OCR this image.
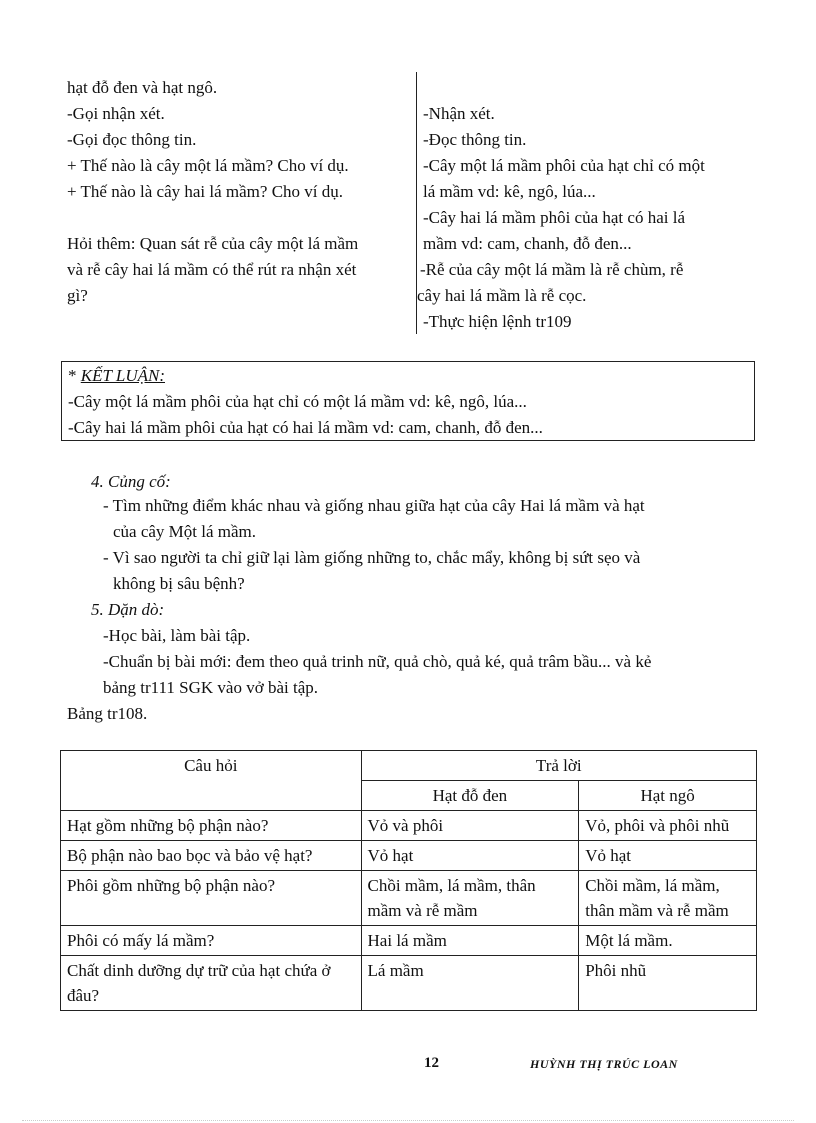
hạt đỗ đen và hạt ngô.
-Gọi nhận xét.
-Gọi đọc thông tin.
+ Thế nào là cây một lá mầm? Cho ví dụ.
+ Thế nào là cây hai lá mầm? Cho ví dụ.
Hỏi thêm: Quan sát rễ của cây một lá mầm
và rễ cây hai lá mầm có thể rút ra nhận xét
gì?
-Nhận xét.
-Đọc thông tin.
-Cây một lá mầm phôi của hạt chỉ có một
lá mầm vd: kê, ngô, lúa...
-Cây hai lá mầm phôi của hạt có hai lá
mầm vd: cam, chanh, đỗ đen...
-Rễ của cây một lá mầm là rễ chùm, rễ
cây hai lá mầm là rễ cọc.
-Thực hiện lệnh tr109
* KẾT LUẬN:
-Cây một lá mầm phôi của hạt chỉ có một lá mầm vd: kê, ngô, lúa...
-Cây hai lá mầm phôi của hạt có hai lá mầm vd: cam, chanh, đỗ đen...
4. Củng cố:
- Tìm những điểm khác nhau và giống nhau giữa hạt của cây Hai lá mầm và hạt
của cây Một lá mầm.
- Vì sao người ta chỉ giữ lại làm giống những to, chắc mẩy, không bị sứt sẹo và
không bị sâu bệnh?
5. Dặn dò:
-Học bài, làm bài tập.
-Chuẩn bị bài mới: đem theo quả trinh nữ, quả chò, quả ké, quả trâm bầu... và kẻ
bảng tr111 SGK vào vở bài tập.
Bảng tr108.
Câu hỏi	Trả lời	
	Hạt đỗ đen	Hạt ngô
Hạt gồm những bộ phận nào?	Vỏ và phôi	Vỏ, phôi và phôi nhũ
Bộ phận nào bao bọc và bảo vệ hạt?	Vỏ hạt	Vỏ hạt
Phôi gồm những bộ phận nào?	Chồi mầm, lá mầm, thân mầm và rễ mầm	Chồi mầm, lá mầm, thân mầm và rễ mầm
Phôi có mấy lá mầm?	Hai lá mầm	Một lá mầm.
Chất dinh dưỡng dự trữ của hạt chứa ở đâu?	Lá mầm	Phôi nhũ
12	HUỲNH THỊ TRÚC LOAN
